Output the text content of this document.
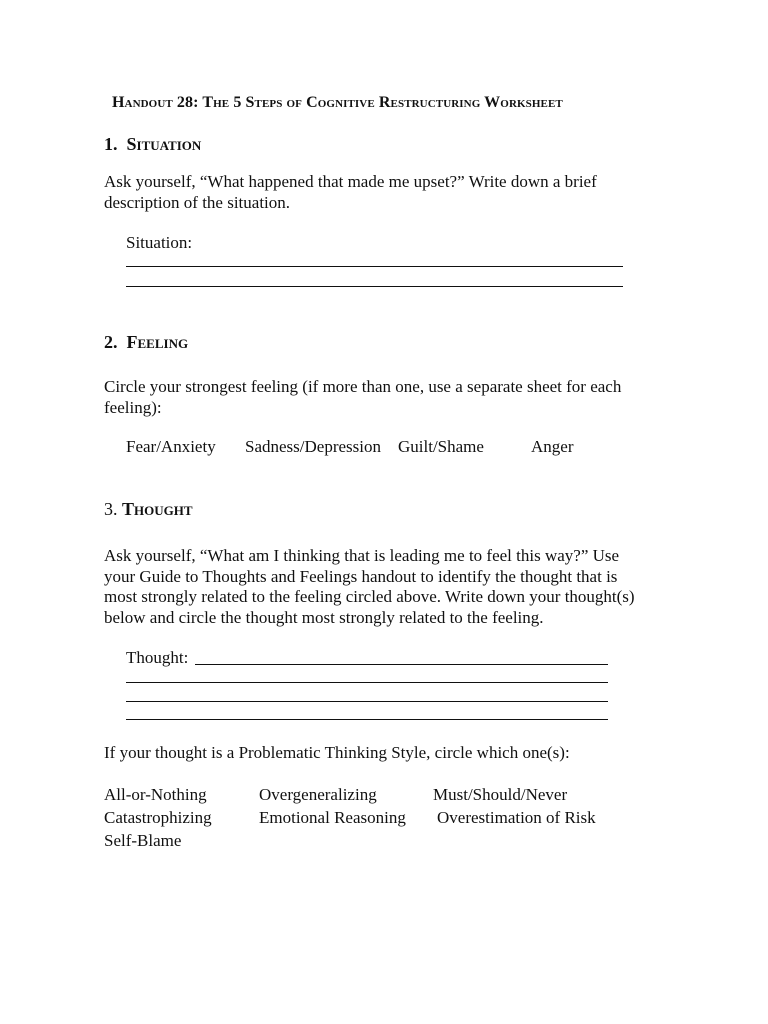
Handout 28: The 5 Steps of Cognitive Restructuring Worksheet
1. Situation
Ask yourself, “What happened that made me upset?” Write down a brief description of the situation.
Situation:
2. Feeling
Circle your strongest feeling (if more than one, use a separate sheet for each feeling):
Fear/Anxiety Sadness/Depression Guilt/Shame	Anger
3. Thought
Ask yourself, “What am I thinking that is leading me to feel this way?” Use your Guide to Thoughts and Feelings handout to identify the thought that is most strongly related to the feeling circled above. Write down your thought(s) below and circle the thought most strongly related to the feeling.
Thought:
If your thought is a Problematic Thinking Style, circle which one(s):
All-or-Nothing	Overgeneralizing	Must/Should/Never
Catastrophizing	Emotional Reasoning Overestimation of Risk
Self-Blame
